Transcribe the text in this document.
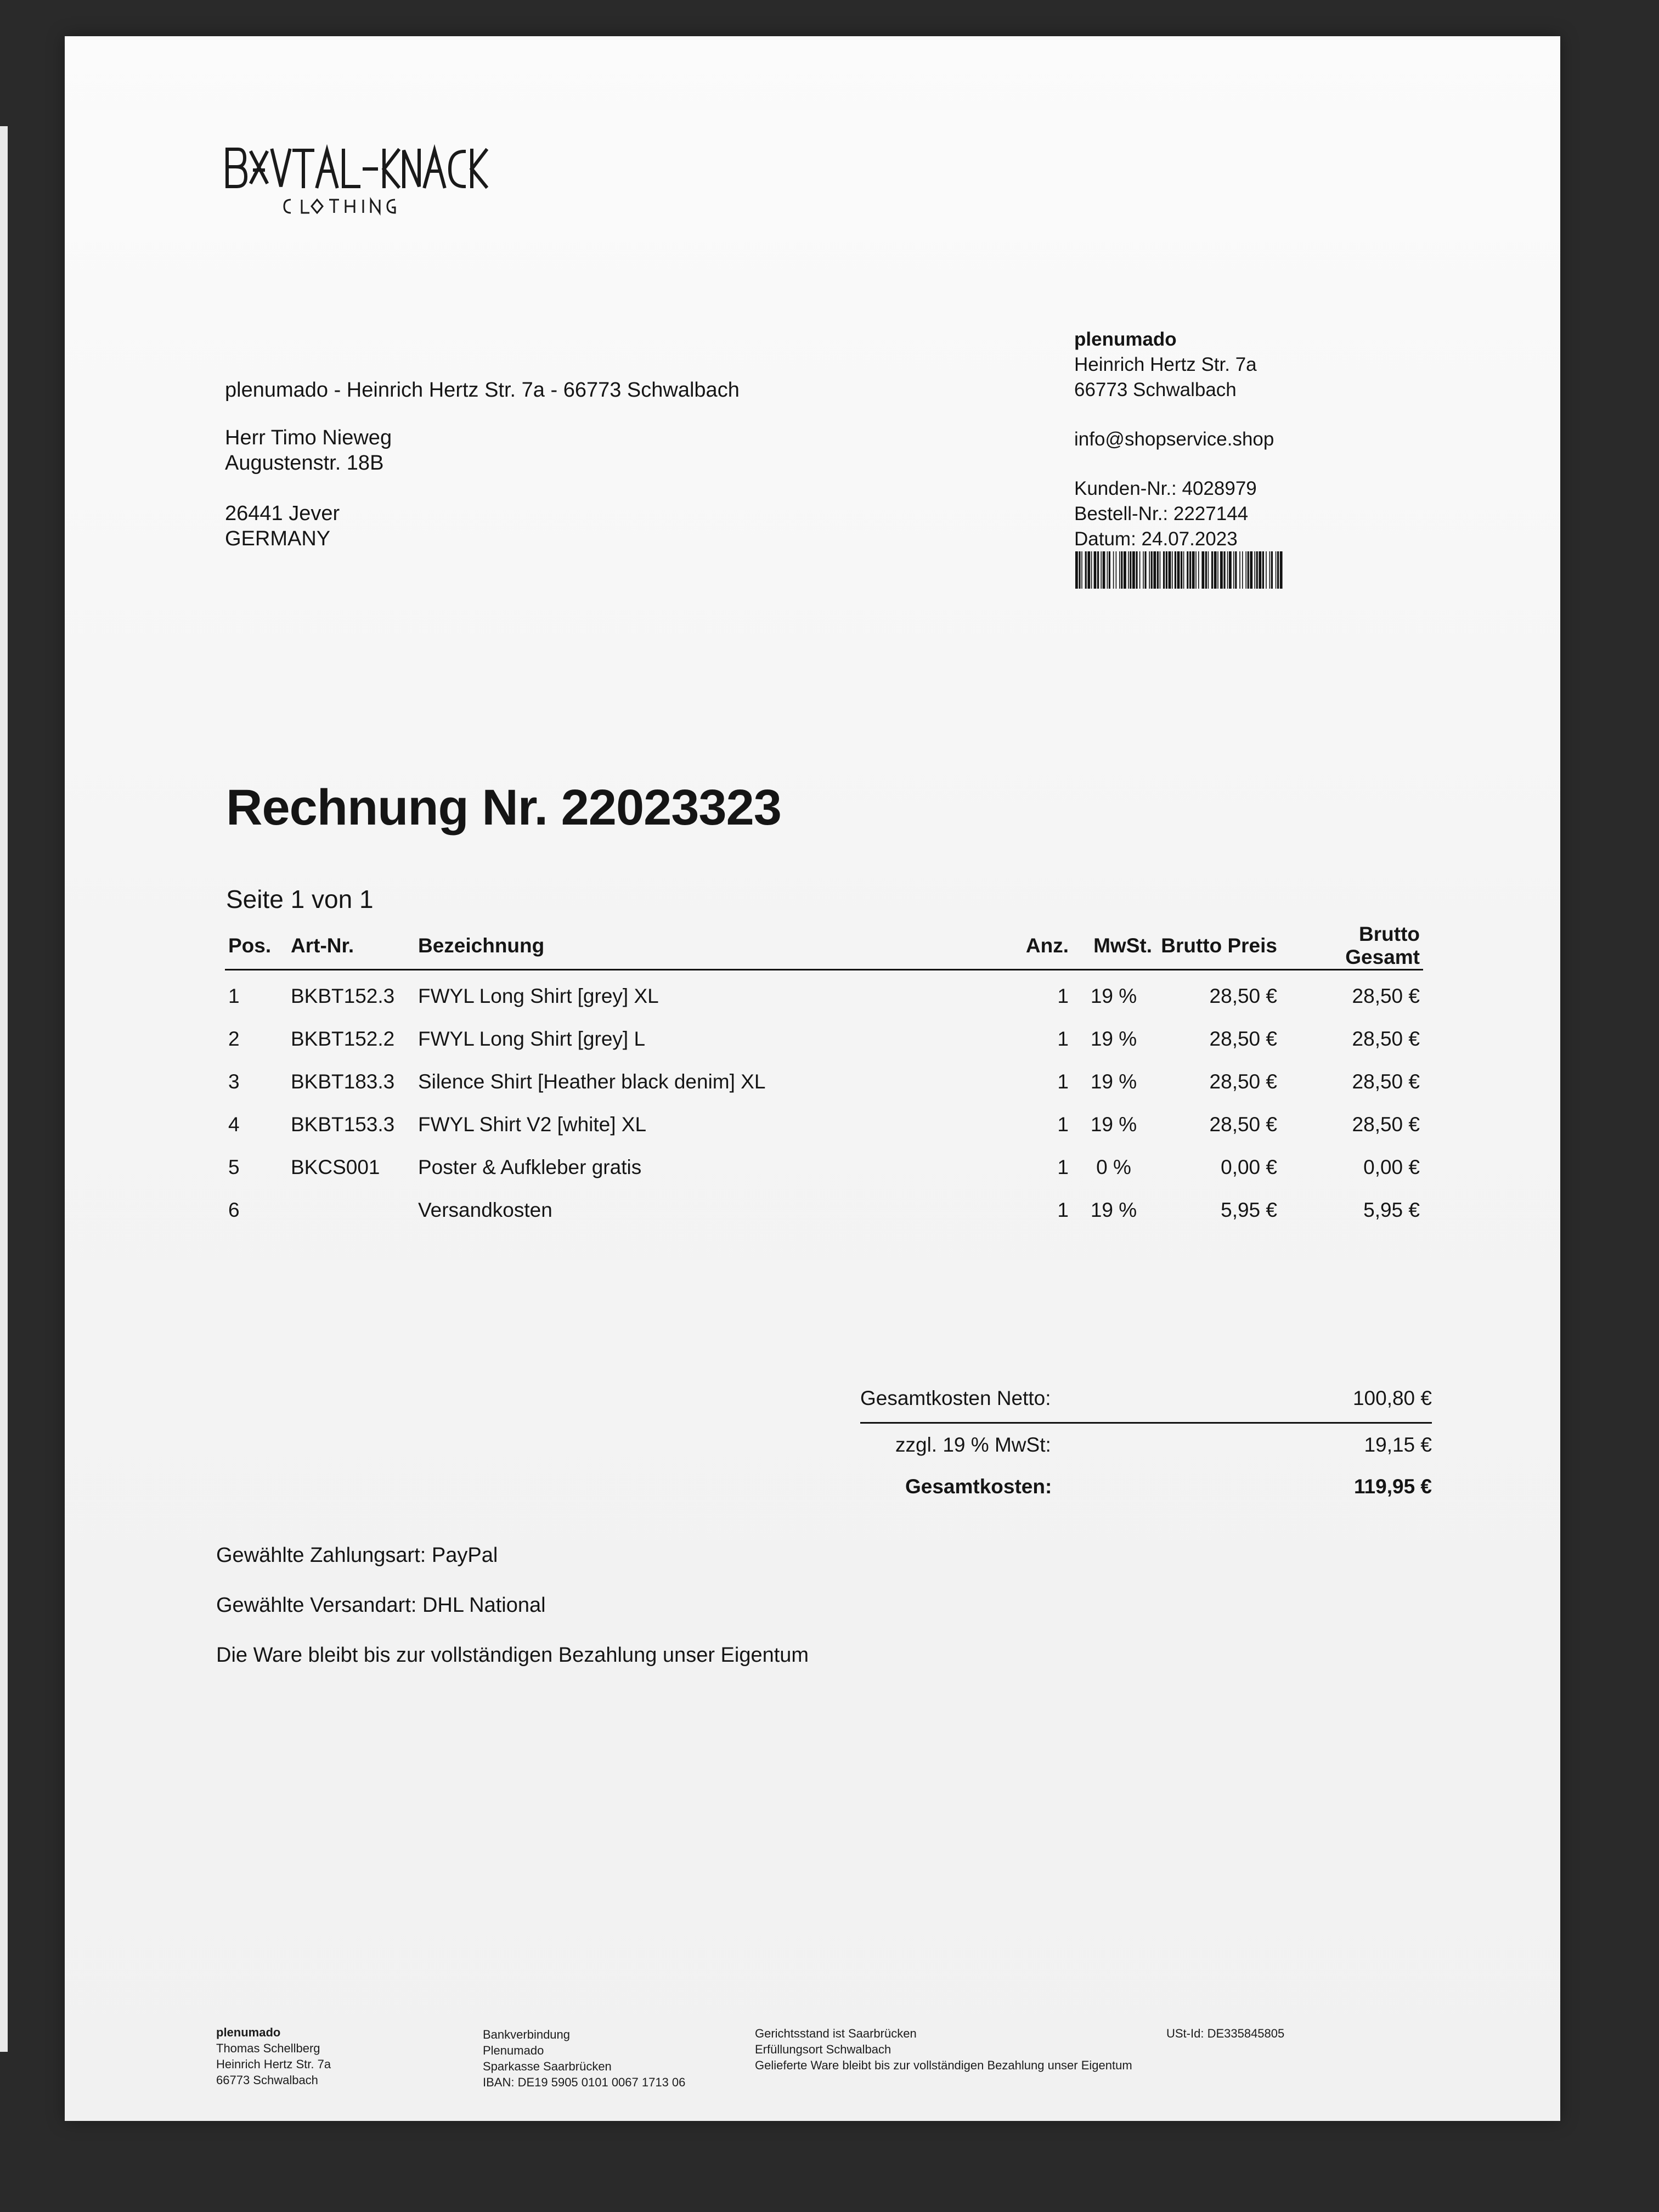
plenumado - Heinrich Hertz Str. 7a - 66773 Schwalbach
Herr Timo Nieweg
Augustenstr. 18B
26441 Jever
GERMANY
plenumado
Heinrich Hertz Str. 7a
66773 Schwalbach
info@shopservice.shop
Kunden-Nr.: 4028979
Bestell-Nr.: 2227144
Datum: 24.07.2023
Rechnung Nr. 22023323
Seite 1 von 1
Pos.	Art-Nr.	Bezeichnung	Anz.	MwSt.	Brutto Preis	Brutto Gesamt
1	BKBT152.3	FWYL Long Shirt [grey] XL	1	19 %	28,50 €	28,50 €
2	BKBT152.2	FWYL Long Shirt [grey] L	1	19 %	28,50 €	28,50 €
3	BKBT183.3	Silence Shirt [Heather black denim] XL	1	19 %	28,50 €	28,50 €
4	BKBT153.3	FWYL Shirt V2 [white] XL	1	19 %	28,50 €	28,50 €
5	BKCS001	Poster & Aufkleber gratis	1	0 %	0,00 €	0,00 €
6		Versandkosten	1	19 %	5,95 €	5,95 €
Gesamtkosten Netto:	100,80 €
zzgl. 19 % MwSt:	19,15 €
Gesamtkosten:	119,95 €
Gewählte Zahlungsart: PayPal
Gewählte Versandart: DHL National
Die Ware bleibt bis zur vollständigen Bezahlung unser Eigentum
plenumado
Thomas Schellberg
Heinrich Hertz Str. 7a
66773 Schwalbach
Bankverbindung
Plenumado
Sparkasse Saarbrücken
IBAN: DE19 5905 0101 0067 1713 06
Gerichtsstand ist Saarbrücken
Erfüllungsort Schwalbach
Gelieferte Ware bleibt bis zur vollständigen Bezahlung unser Eigentum
USt-Id: DE335845805
